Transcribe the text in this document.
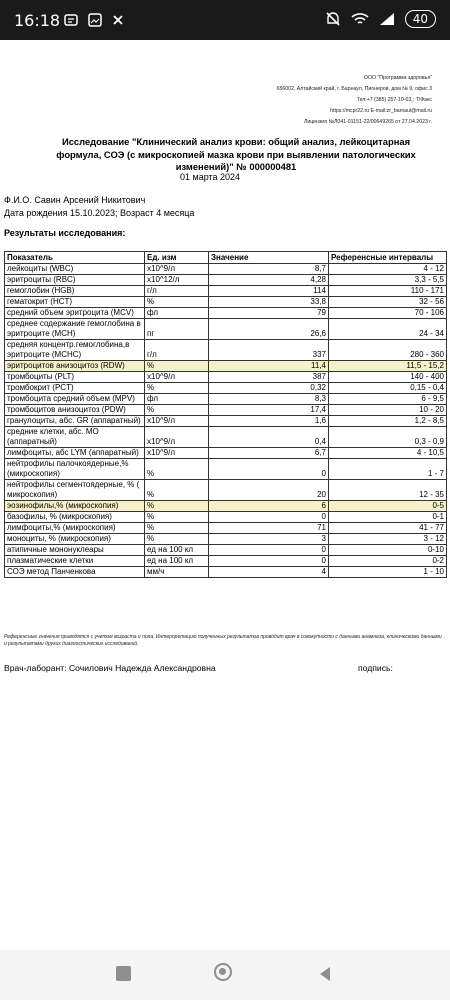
16:18	40
ООО "Программа здоровья"
656002, Алтайский край, г. Барнаул, Пионеров, дом № 9, офис 3
Тел:+7 (385) 257-10-03,; Т/Факс
https://mcpr22.ru E-mail:zr_barnaul@mail.ru
Лицензия №Л041-01151-22/00649265 от 27.04.2023 г.
Исследование "Клинический анализ крови: общий анализ, лейкоцитарная формула, СОЭ (с микроскопией мазка крови при выявлении патологических изменений)" № 000000481
01 марта 2024
Ф.И.О. Савин Арсений Никитович
Дата рождения 15.10.2023; Возраст 4 месяца
Результаты исследования:
Показатель	Ед. изм	Значение	Референсные интервалы
лейкоциты (WBC)	x10^9/л	8,7	4 - 12
эритроциты (RBC)	x10^12/л	4,28	3,3 - 5,5
гемоглобин (HGB)	г/л	114	110 - 171
гематокрит (HCT)	%	33,8	32 - 56
средний объем эритроцита (MCV)	фл	79	70 - 106
среднее содержание гемоглобина в эритроците (MCH)	пг	26,6	24 - 34
средняя концентр.гемоглобина,в эритроците (MCHC)	г/л	337	280 - 360
эритроцитов анизоцитоз (RDW)	%	11,4	11,5 - 15,2
тромбоциты (PLT)	x10^9/л	387	140 - 400
тромбокрит (PCT)	%	0,32	0,15 - 0,4
тромбоцита средний объем (MPV)	фл	8,3	6 - 9,5
тромбоцитов анизоцитоз (PDW)	%	17,4	10 - 20
гранулоциты, абс. GR (аппаратный)	x10^9/л	1,6	1,2 - 8,5
средние клетки, абс. MO (аппаратный)	x10^9/л	0,4	0,3 - 0,9
лимфоциты, абс LYM (аппаратный)	x10^9/л	6,7	4 - 10,5
нейтрофилы палочкоядерные,% (микроскопия)	%	0	1 - 7
нейтрофилы сегментоядерные, % ( микроскопия)	%	20	12 - 35
эозинофилы,% (микроскопия)	%	6	0-5
базофилы, % (микроскопия)	%	0	0-1
лимфоциты,% (микроскопия)	%	71	41 - 77
моноциты, % (микроскопия)	%	3	3 - 12
атипичные мононуклеары	ед на 100 кл	0	0-10
плазматические клетки	ед на 100 кл	0	0-2
СОЭ метод Панченкова	мм/ч	4	1 - 10
Референсные значения приводятся с учетом возраста и пола. Интерпретацию полученных результатов проводит врач в совокупности с данными анамнеза, клиническими данными и результатами других диагностических исследований.
Врач-лаборант: Сочилович Надежда Александровна	подпись:
